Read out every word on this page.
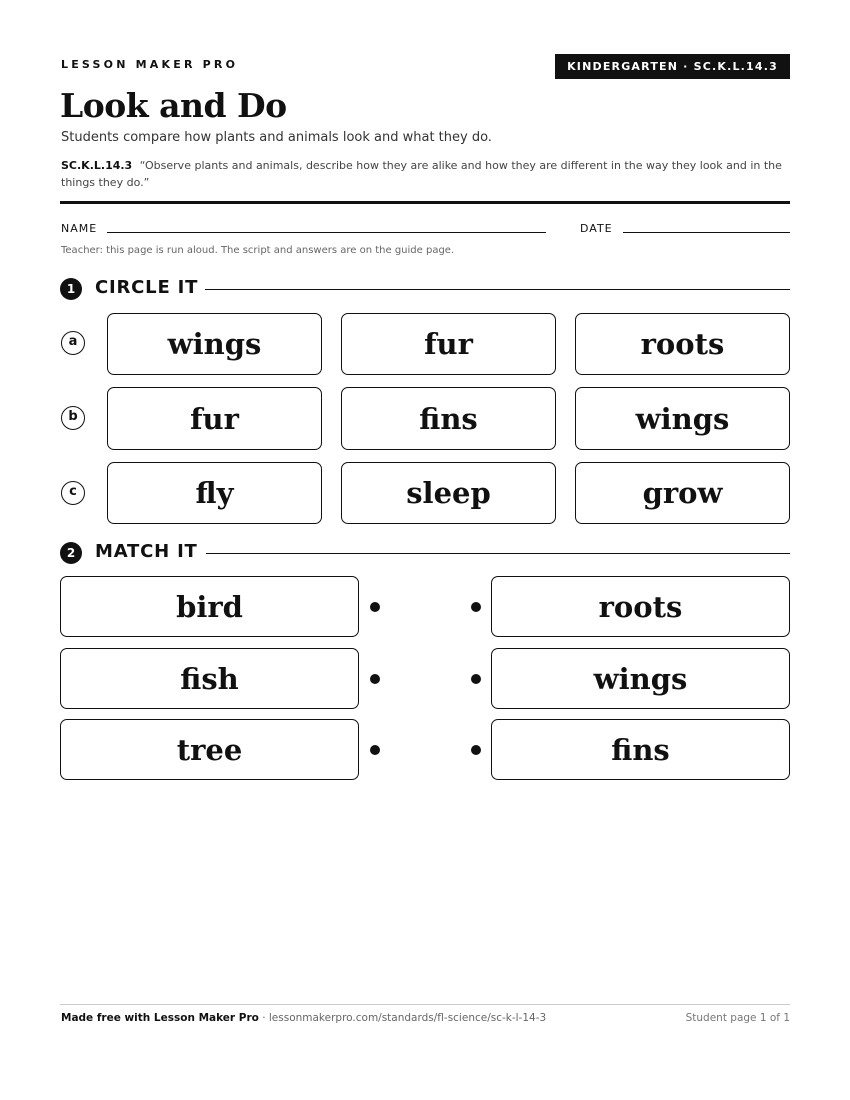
LESSON MAKER PRO	KINDERGARTEN · SC.K.L.14.3
Look and Do
Students compare how plants and animals look and what they do.
SC.K.L.14.3 “Observe plants and animals, describe how they are alike and how they are different in the way they look and in the things they do.”
NAME	DATE
Teacher: this page is run aloud. The script and answers are on the guide page.
1	CIRCLE IT
a	wings	fur	roots
b	fur	fins	wings
c	fly	sleep	grow
2	MATCH IT
bird	roots
fish	wings
tree	fins
Made free with Lesson Maker Pro · lessonmakerpro.com/standards/fl-science/sc-k-l-14-3	Student page 1 of 1
